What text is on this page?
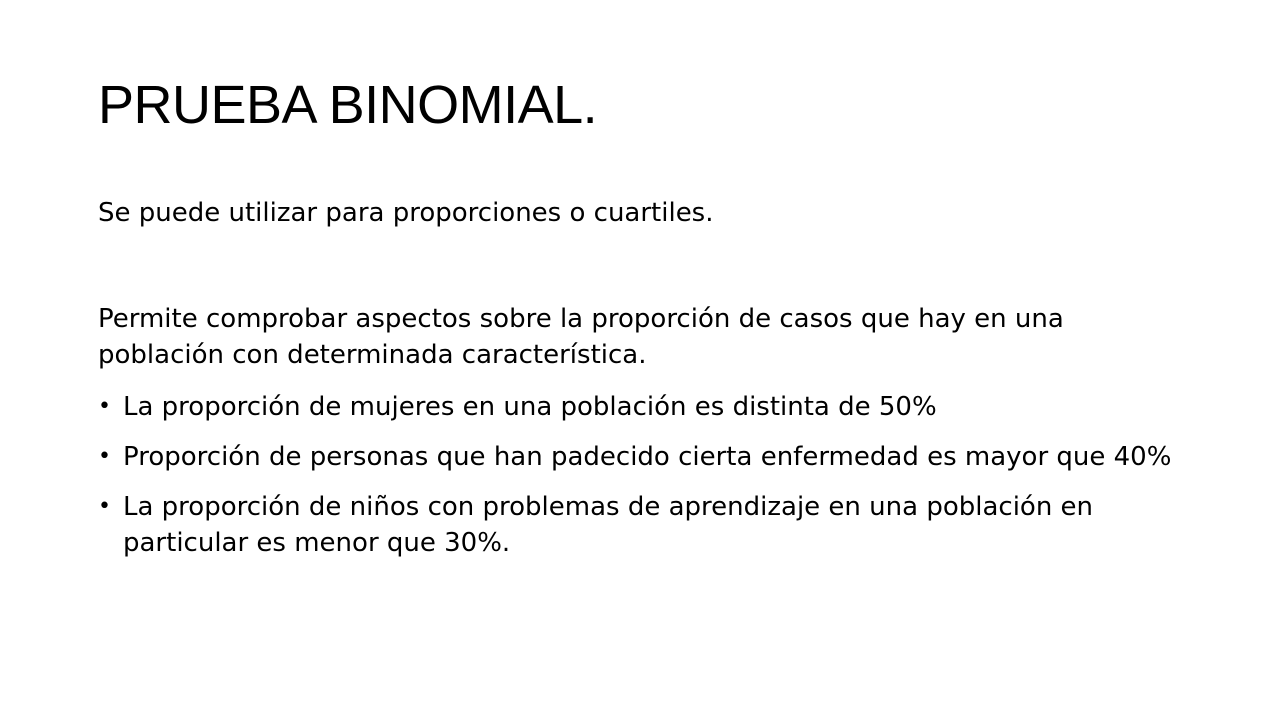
PRUEBA BINOMIAL.

Se puede utilizar para proporciones o cuartiles.

Permite comprobar aspectos sobre la proporción de casos que hay en una población con determinada característica.

• La proporción de mujeres en una población es distinta de 50%
• Proporción de personas que han padecido cierta enfermedad es mayor que 40%
• La proporción de niños con problemas de aprendizaje en una población en particular es menor que 30%.
